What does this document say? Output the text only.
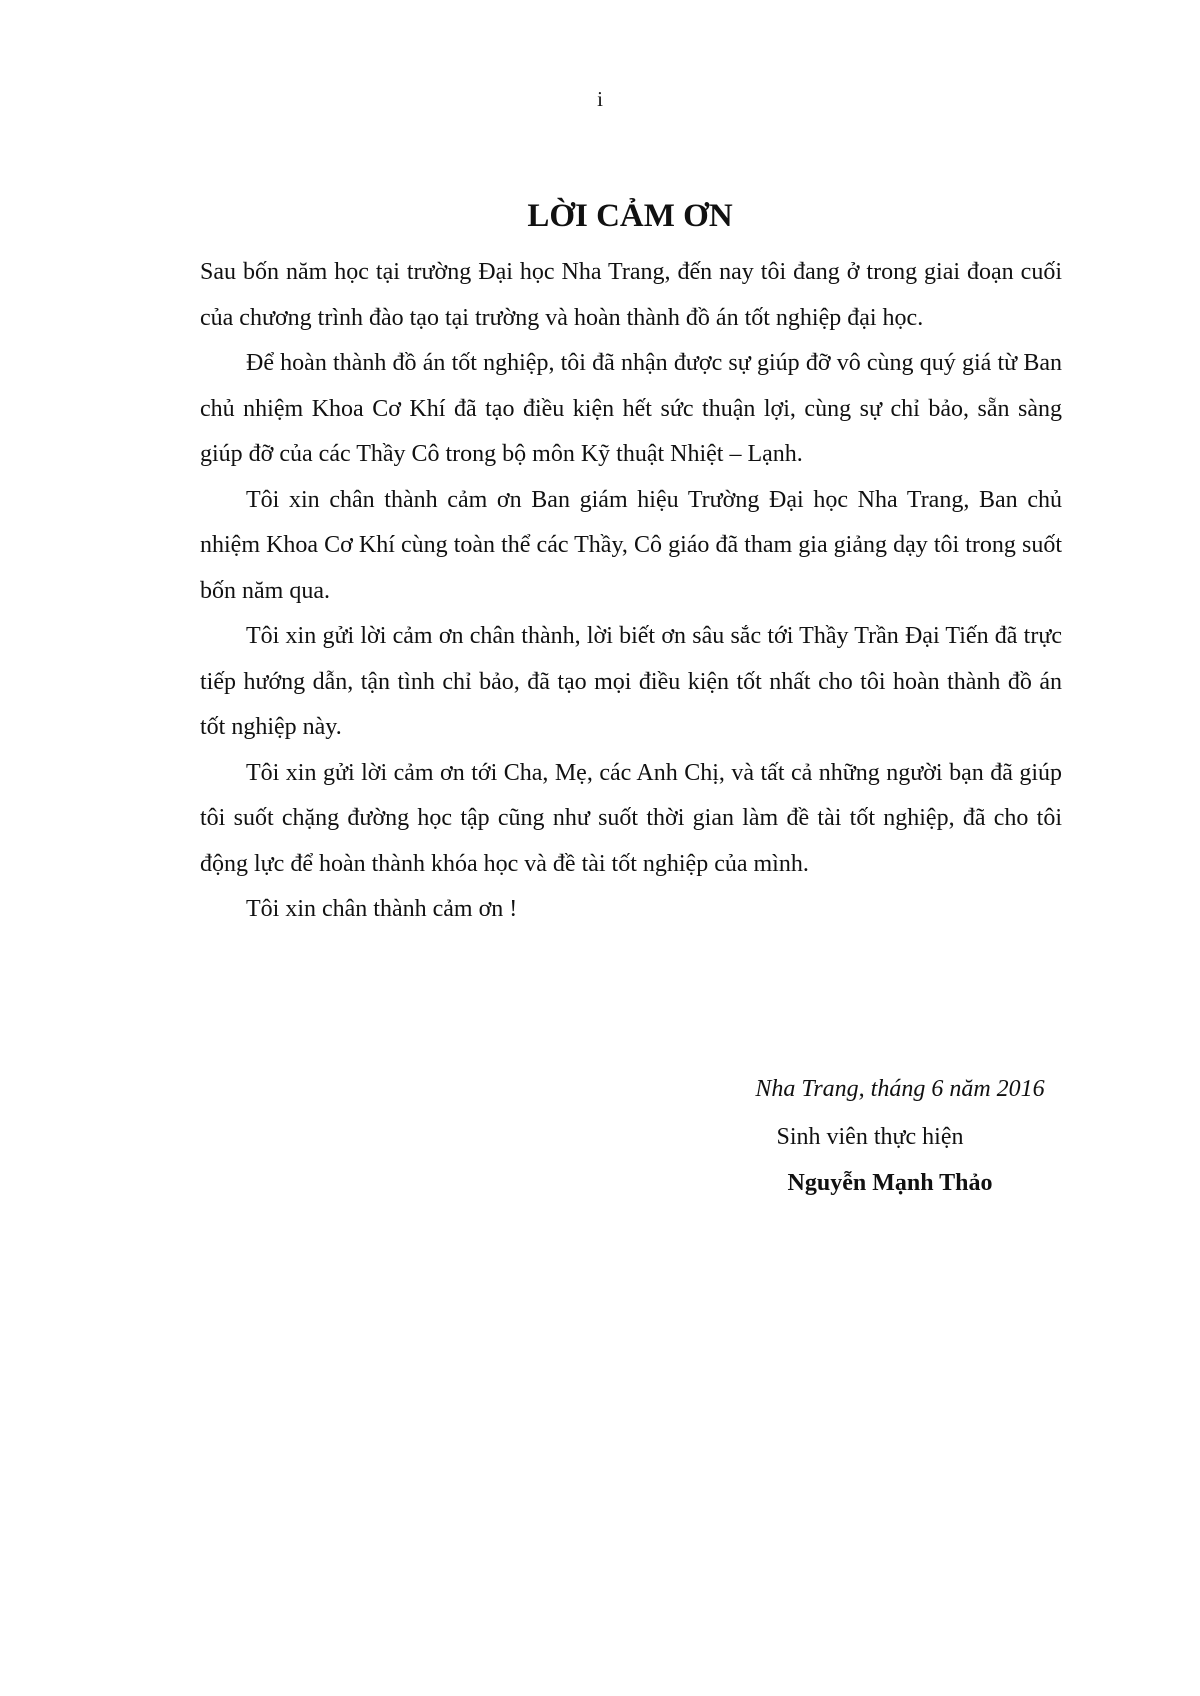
i
LỜI CẢM ƠN

Sau bốn năm học tại trường Đại học Nha Trang, đến nay tôi đang ở trong giai đoạn cuối của chương trình đào tạo tại trường và hoàn thành đồ án tốt nghiệp đại học.

Để hoàn thành đồ án tốt nghiệp, tôi đã nhận được sự giúp đỡ vô cùng quý giá từ Ban chủ nhiệm Khoa Cơ Khí đã tạo điều kiện hết sức thuận lợi, cùng sự chỉ bảo, sẵn sàng giúp đỡ của các Thầy Cô trong bộ môn Kỹ thuật Nhiệt – Lạnh.

Tôi xin chân thành cảm ơn Ban giám hiệu Trường Đại học Nha Trang, Ban chủ nhiệm Khoa Cơ Khí cùng toàn thể các Thầy, Cô giáo đã tham gia giảng dạy tôi trong suốt bốn năm qua.

Tôi xin gửi lời cảm ơn chân thành, lời biết ơn sâu sắc tới Thầy Trần Đại Tiến đã trực tiếp hướng dẫn, tận tình chỉ bảo, đã tạo mọi điều kiện tốt nhất cho tôi hoàn thành đồ án tốt nghiệp này.

Tôi xin gửi lời cảm ơn tới Cha, Mẹ, các Anh Chị, và tất cả những người bạn đã giúp tôi suốt chặng đường học tập cũng như suốt thời gian làm đề tài tốt nghiệp, đã cho tôi động lực để hoàn thành khóa học và đề tài tốt nghiệp của mình.

Tôi xin chân thành cảm ơn !

Nha Trang, tháng 6 năm 2016
Sinh viên thực hiện
Nguyễn Mạnh Thảo
